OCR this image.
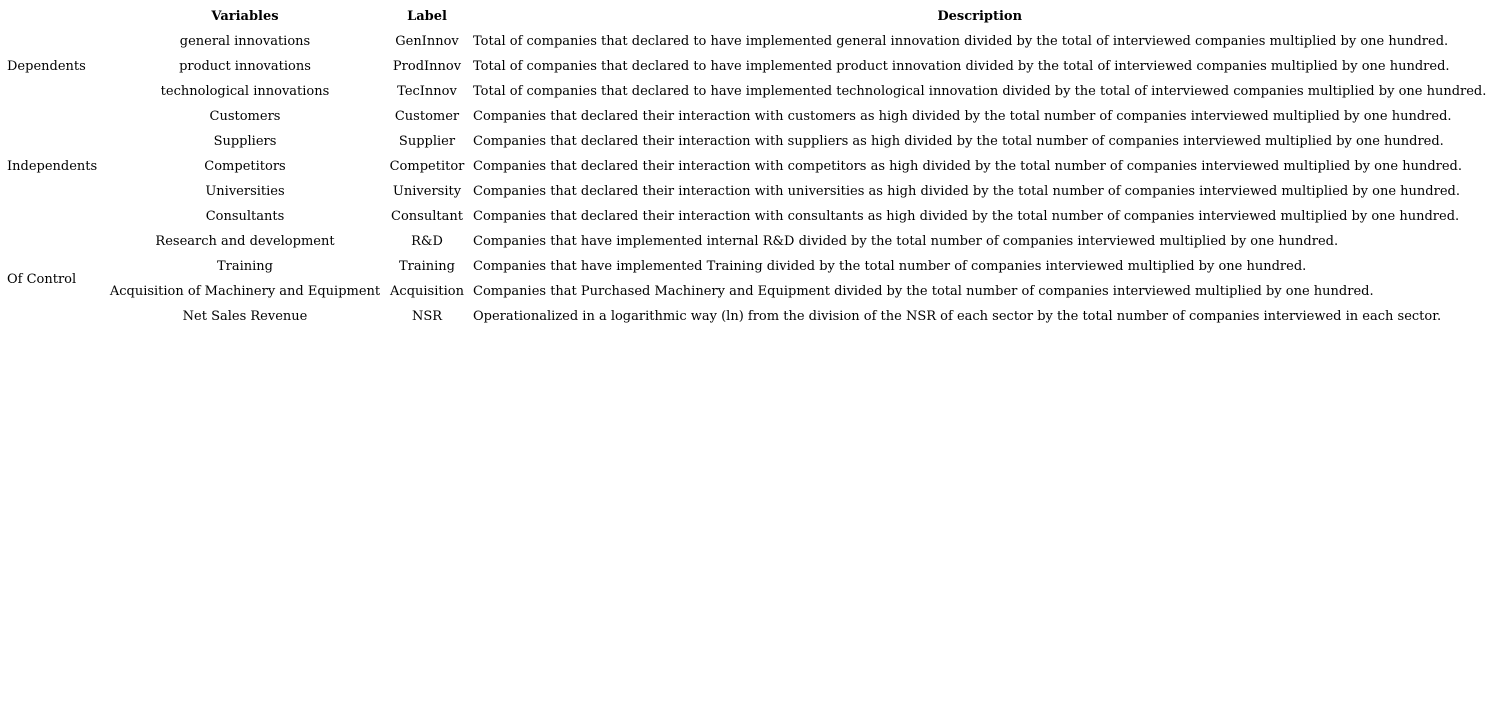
	Variables	Label	Description
Dependents	general innovations	GenInnov	Total of companies that declared to have implemented general innovation divided by the total of interviewed companies multiplied by one hundred.
	product innovations	ProdInnov	Total of companies that declared to have implemented product innovation divided by the total of interviewed companies multiplied by one hundred.
	technological innovations	TecInnov	Total of companies that declared to have implemented technological innovation divided by the total of interviewed companies multiplied by one hundred.
Independents	Customers	Customer	Companies that declared their interaction with customers as high divided by the total number of companies interviewed multiplied by one hundred.
	Suppliers	Supplier	Companies that declared their interaction with suppliers as high divided by the total number of companies interviewed multiplied by one hundred.
	Competitors	Competitor	Companies that declared their interaction with competitors as high divided by the total number of companies interviewed multiplied by one hundred.
	Universities	University	Companies that declared their interaction with universities as high divided by the total number of companies interviewed multiplied by one hundred.
	Consultants	Consultant	Companies that declared their interaction with consultants as high divided by the total number of companies interviewed multiplied by one hundred.
Of Control	Research and development	R&D	Companies that have implemented internal R&D divided by the total number of companies interviewed multiplied by one hundred.
	Training	Training	Companies that have implemented Training divided by the total number of companies interviewed multiplied by one hundred.
	Acquisition of Machinery and Equipment	Acquisition	Companies that Purchased Machinery and Equipment divided by the total number of companies interviewed multiplied by one hundred.
	Net Sales Revenue	NSR	Operationalized in a logarithmic way (ln) from the division of the NSR of each sector by the total number of companies interviewed in each sector.
